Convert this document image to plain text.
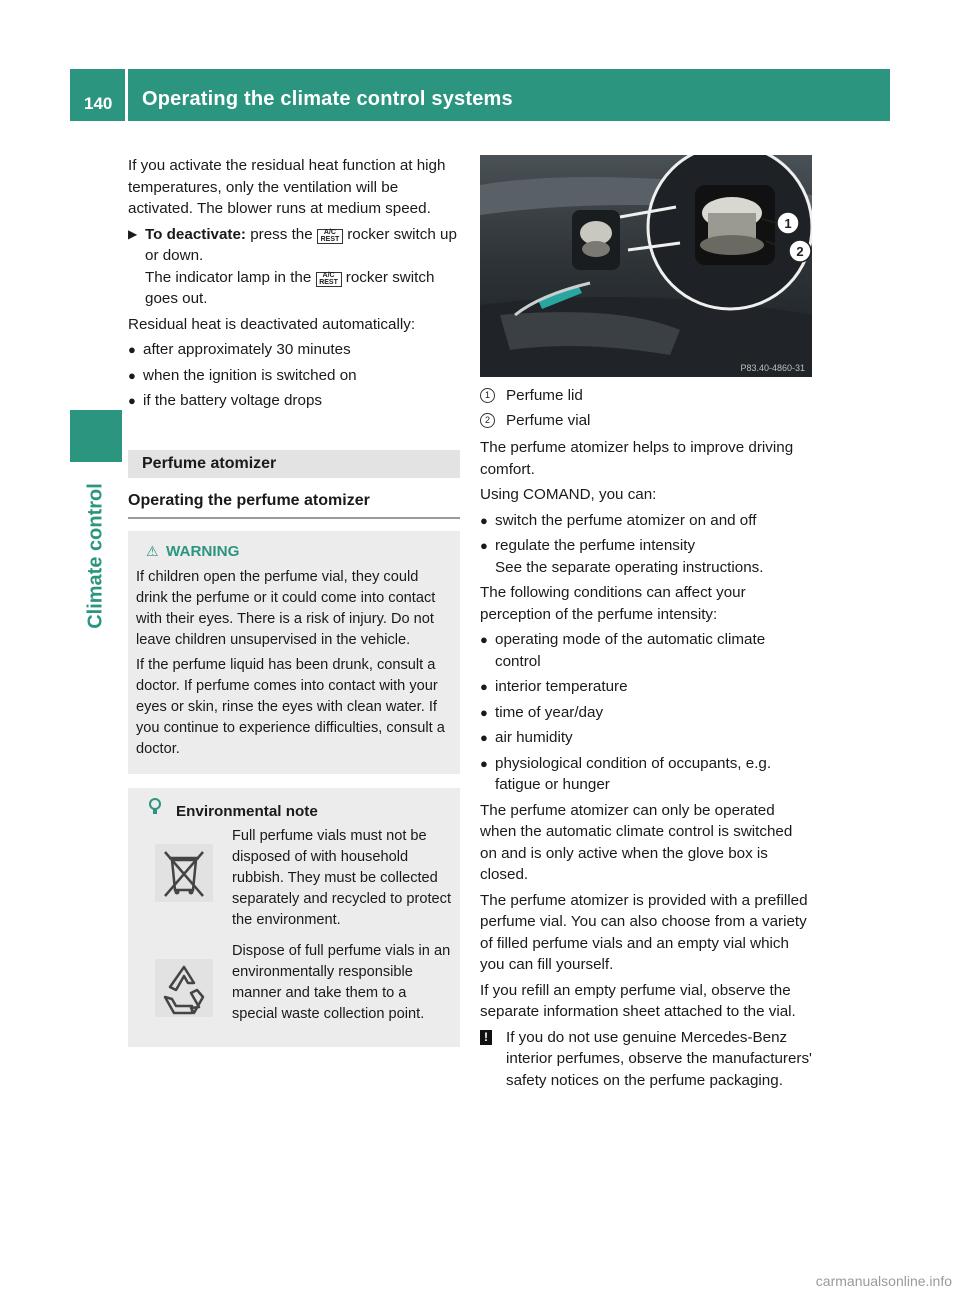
140 Operating the climate control systems
Climate control

If you activate the residual heat function at high temperatures, only the ventilation will be activated. The blower runs at medium speed.

▶ To deactivate: press the A/C
REST rocker switch up or down.
The indicator lamp in the A/C
REST rocker switch goes out.

Residual heat is deactivated automatically:

● after approximately 30 minutes
● when the ignition is switched on
● if the battery voltage drops
Perfume atomizer
Operating the perfume atomizer
⚠ WARNING

If children open the perfume vial, they could drink the perfume or it could come into contact with their eyes. There is a risk of injury. Do not leave children unsupervised in the vehicle.

If the perfume liquid has been drunk, consult a doctor. If perfume comes into contact with your eyes or skin, rinse the eyes with clean water. If you continue to experience difficulties, consult a doctor.

Environmental note
Full perfume vials must not be disposed of with household rubbish. They must be collected separately and recycled to protect the environment.
Dispose of full perfume vials in an environmentally responsible manner and take them to a special waste collection point.
1
2
P83.40-4860-31
1	Perfume lid
2	Perfume vial

The perfume atomizer helps to improve driving comfort.

Using COMAND, you can:

● switch the perfume atomizer on and off
● regulate the perfume intensity
See the separate operating instructions.

The following conditions can affect your perception of the perfume intensity:

● operating mode of the automatic climate control
● interior temperature
● time of year/day
● air humidity
● physiological condition of occupants, e.g. fatigue or hunger

The perfume atomizer can only be operated when the automatic climate control is switched on and is only active when the glove box is closed.

The perfume atomizer is provided with a prefilled perfume vial. You can also choose from a variety of filled perfume vials and an empty vial which you can fill yourself.

If you refill an empty perfume vial, observe the separate information sheet attached to the vial.

! If you do not use genuine Mercedes-Benz interior perfumes, observe the manufacturers' safety notices on the perfume packaging.
carmanualsonline.info
